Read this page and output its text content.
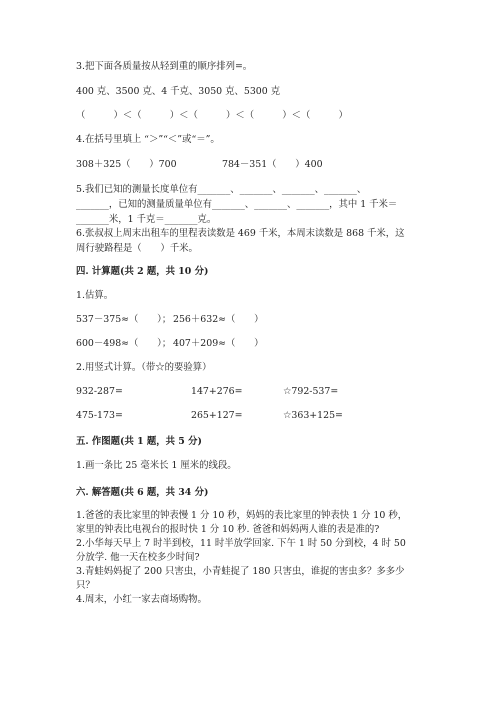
3.把下面各质量按从轻到重的顺序排列=。
400 克、3500 克、4 千克、3050 克、5300 克
（　　　）＜（　　　）＜（　　　）＜（　　　）＜（　　　）
4.在括号里填上 “＞”“＜”或“＝”。
308＋325（　　）700	784－351（　　）400
5.我们已知的测量长度单位有_______、_______、_______、_______、
_______，已知的测量质量单位有_______、_______、_______，其中 1 千米＝
_______米，1 千克＝_______克。
6.张叔叔上周末出租车的里程表读数是 469 千米，本周末读数是 868 千米，这
周行驶路程是（　　）千米。
四. 计算题(共 2 题，共 10 分)
1.估算。
537－375≈（　　）； 256＋632≈（　　）
600－498≈（　　）； 407＋209≈（　　）
2.用竖式计算。（带☆的要验算）
932-287=	147+276=	☆792-537=
475-173=	265+127=	☆363+125=
五. 作图题(共 1 题，共 5 分)
1.画一条比 25 毫米长 1 厘米的线段。
六. 解答题(共 6 题，共 34 分)
1.爸爸的表比家里的钟表慢 1 分 10 秒，妈妈的表比家里的钟表快 1 分 10 秒，
家里的钟表比电视台的报时快 1 分 10 秒. 爸爸和妈妈两人谁的表是准的?
2.小华每天早上 7 时半到校，11 时半放学回家. 下午 1 时 50 分到校，4 时 50
分放学. 他一天在校多少时间?
3.青蛙妈妈捉了 200 只害虫，小青蛙捉了 180 只害虫，谁捉的害虫多？多多少
只？
4.周末，小红一家去商场购物。
